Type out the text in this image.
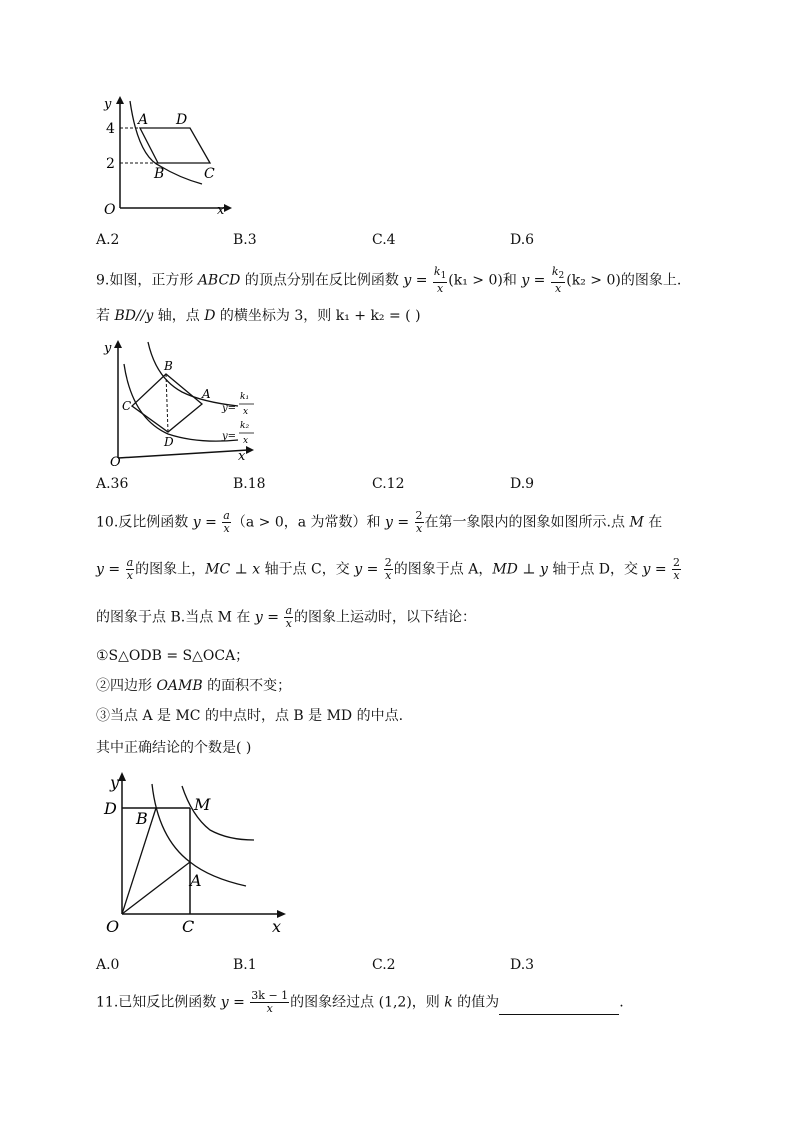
y
4
2
A D
B	C
O	x
A.2	B.3	C.4	D.6
9.如图，正方形 ABCD 的顶点分别在反比例函数 $y = \frac{k_1}{x} (k_1 > 0)$和 $y = \frac{k_2}{x} (k_2 > 0)$的图象上.
若 BD//y 轴，点 D 的横坐标为 3，则 k₁ + k₂ = ( )
y
B
A
C
D
y=
k₁
x
y=
k₂
x
O	x
A.36	B.18	C.12	D.9
10.反比例函数 $y = \frac{a}{x} (a > 0$，a 为常数）和 $y = \frac{2}{x}$ 在第一象限内的图象如图所示.点 M 在
$y = \frac{a}{x}$ 的图象上，MC ⊥ x 轴于点 C，交 $y = \frac{2}{x}$ 的图象于点 A，MD ⊥ y 轴于点 D，交 $y = \frac{2}{x}$
的图象于点 B.当点 M 在 $y = \frac{a}{x}$ 的图象上运动时，以下结论：
①S△ODB = S△OCA；
②四边形 OAMB 的面积不变；
③当点 A 是 MC 的中点时，点 B 是 MD 的中点.
其中正确结论的个数是( )
y
D
B
M
A
O	C	x
A.0	B.1	C.2	D.3
11.已知反比例函数 $y = \frac{3k - 1}{x}$ 的图象经过点 (1,2)，则 k 的值为	.
